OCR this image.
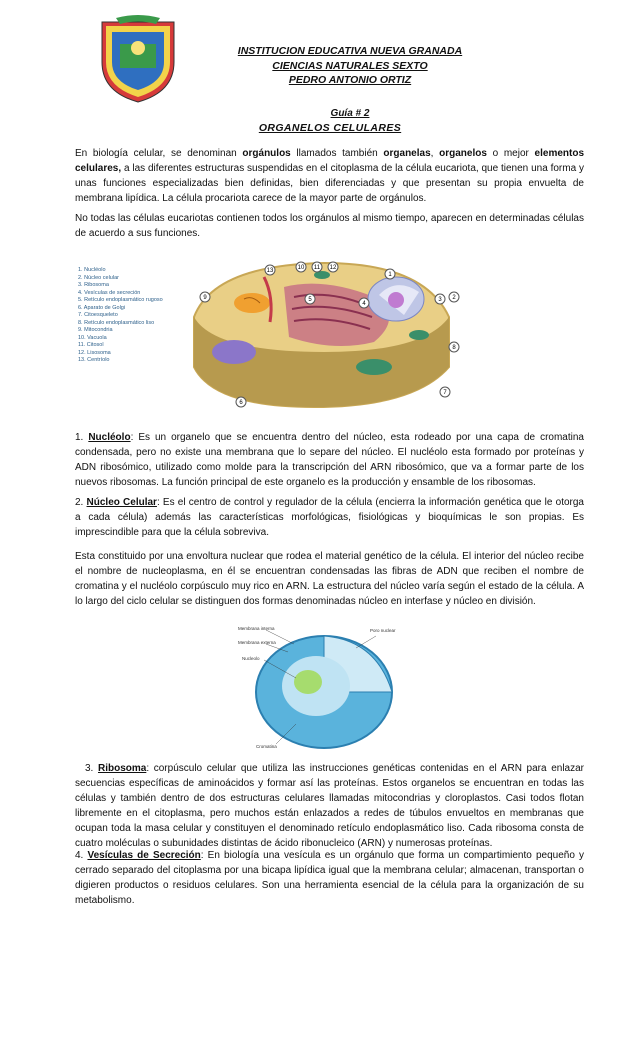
INSTITUCION EDUCATIVA NUEVA GRANADA
CIENCIAS NATURALES SEXTO
PEDRO ANTONIO ORTIZ
Guía # 2
ORGANELOS CELULARES
En biología celular, se denominan orgánulos llamados también organelas, organelos o mejor elementos celulares, a las diferentes estructuras suspendidas en el citoplasma de la célula eucariota, que tienen una forma y unas funciones especializadas bien definidas, bien diferenciadas y que presentan su propia envuelta de membrana lipídica. La célula procariota carece de la mayor parte de orgánulos.
No todas las células eucariotas contienen todos los orgánulos al mismo tiempo, aparecen en determinadas células de acuerdo a sus funciones.
13	10 11 12
1
9	5
4
3 2
8
7
6
1. Nucléolo
2. Núcleo celular
3. Ribosoma
4. Vesículas de secreción
5. Retículo endoplasmático rugoso
6. Aparato de Golgi
7. Citoesqueleto
8. Retículo endoplasmático liso
9. Mitocondria
10. Vacuola
11. Citosol
12. Lisosoma
13. Centríolo
1. Nucléolo: Es un organelo que se encuentra dentro del núcleo, esta rodeado por una capa de cromatina condensada, pero no existe una membrana que lo separe del núcleo. El nucléolo esta formado por proteínas y ADN ribosómico, utilizado como molde para la transcripción del ARN ribosómico, que va a formar parte de los nuevos ribosomas. La función principal de este organelo es la producción y ensamble de los ribosomas.
2. Núcleo Celular: Es el centro de control y regulador de la célula (encierra la información genética que le otorga a cada célula) además las características morfológicas, fisiológicas y bioquímicas le son propias. Es imprescindible para que la célula sobreviva.
Esta constituido por una envoltura nuclear que rodea el material genético de la célula. El interior del núcleo recibe el nombre de nucleoplasma, en él se encuentran condensadas las fibras de ADN que reciben el nombre de cromatina y el nucléolo corpúsculo muy rico en ARN. La estructura del núcleo varía según el estado de la célula. A lo largo del ciclo celular se distinguen dos formas denominadas núcleo en interfase y núcleo en división.
Membrana interna
Membrana externa
Nucleolo
Poro nuclear
Cromatina
3. Ribosoma: corpúsculo celular que utiliza las instrucciones genéticas contenidas en el ARN para enlazar secuencias específicas de aminoácidos y formar así las proteínas. Estos organelos se encuentran en todas las células y también dentro de dos estructuras celulares llamadas mitocondrias y cloroplastos. Casi todos flotan libremente en el citoplasma, pero muchos están enlazados a redes de túbulos envueltos en membranas que ocupan toda la masa celular y constituyen el denominado retículo endoplasmático liso. Cada ribosoma consta de cuatro moléculas o subunidades distintas de ácido ribonucleico (ARN) y numerosas proteínas.
4. Vesículas de Secreción: En biología una vesícula es un orgánulo que forma un compartimiento pequeño y cerrado separado del citoplasma por una bicapa lipídica igual que la membrana celular; almacenan, transportan o digieren productos o residuos celulares. Son una herramienta esencial de la célula para la organización de su metabolismo.
